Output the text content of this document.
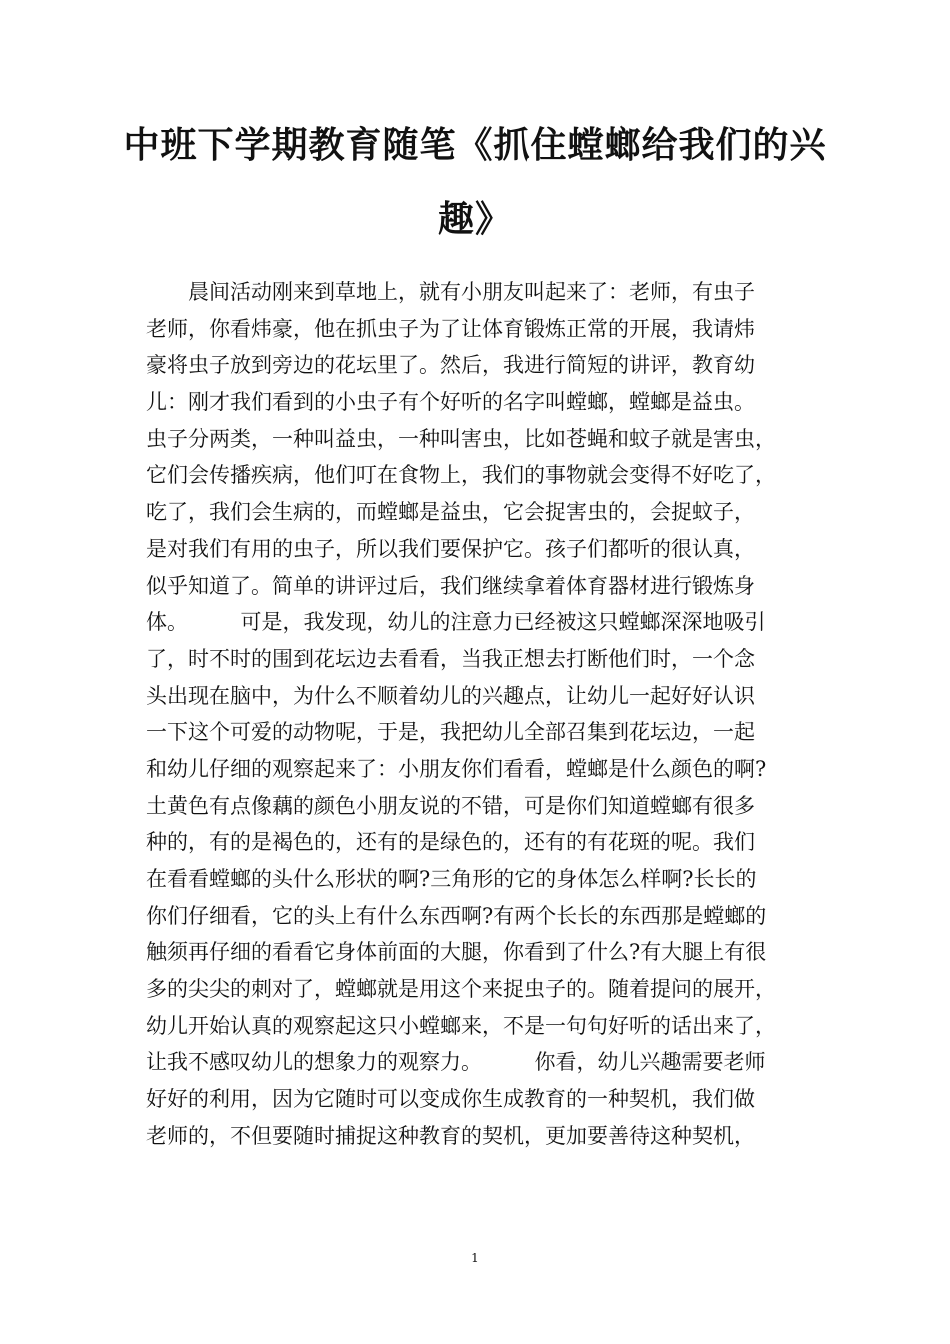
中班下学期教育随笔《抓住螳螂给我们的兴
趣》
　　晨间活动刚来到草地上，就有小朋友叫起来了：老师，有虫子
老师，你看炜豪，他在抓虫子为了让体育锻炼正常的开展，我请炜
豪将虫子放到旁边的花坛里了。然后，我进行简短的讲评，教育幼
儿：刚才我们看到的小虫子有个好听的名字叫螳螂，螳螂是益虫。
虫子分两类，一种叫益虫，一种叫害虫，比如苍蝇和蚊子就是害虫，
它们会传播疾病，他们叮在食物上，我们的事物就会变得不好吃了，
吃了，我们会生病的，而螳螂是益虫，它会捉害虫的，会捉蚊子，
是对我们有用的虫子，所以我们要保护它。孩子们都听的很认真，
似乎知道了。简单的讲评过后，我们继续拿着体育器材进行锻炼身
体。　　　可是，我发现，幼儿的注意力已经被这只螳螂深深地吸引
了，时不时的围到花坛边去看看，当我正想去打断他们时，一个念
头出现在脑中，为什么不顺着幼儿的兴趣点，让幼儿一起好好认识
一下这个可爱的动物呢，于是，我把幼儿全部召集到花坛边，一起
和幼儿仔细的观察起来了：小朋友你们看看，螳螂是什么颜色的啊?
土黄色有点像藕的颜色小朋友说的不错，可是你们知道螳螂有很多
种的，有的是褐色的，还有的是绿色的，还有的有花斑的呢。我们
在看看螳螂的头什么形状的啊?三角形的它的身体怎么样啊?长长的
你们仔细看，它的头上有什么东西啊?有两个长长的东西那是螳螂的
触须再仔细的看看它身体前面的大腿，你看到了什么?有大腿上有很
多的尖尖的刺对了，螳螂就是用这个来捉虫子的。随着提问的展开，
幼儿开始认真的观察起这只小螳螂来，不是一句句好听的话出来了，
让我不感叹幼儿的想象力的观察力。　　　你看，幼儿兴趣需要老师
好好的利用，因为它随时可以变成你生成教育的一种契机，我们做
老师的，不但要随时捕捉这种教育的契机，更加要善待这种契机，
1
